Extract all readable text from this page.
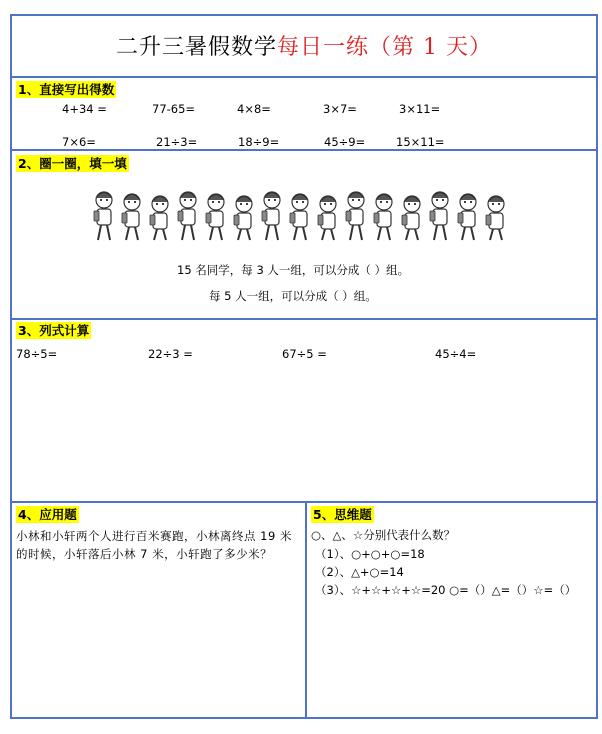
二升三暑假数学每日一练（第 1 天）
1、直接写出得数
4+34 =	77-65=	4×8=	3×7=	3×11=
7×6=	21÷3=	18÷9=	45÷9=	15×11=
2、圈一圈，填一填
15 名同学，每 3 人一组，可以分成（ ）组。
每 5 人一组，可以分成（ ）组。
3、列式计算
78÷5=	22÷3 =	67÷5 =	45÷4=
4、应用题
小林和小轩两个人进行百米赛跑，小林离终点 19 米的时候，小轩落后小林 7 米，小轩跑了多少米？
5、思维题
○、△、☆分别代表什么数？
（1）、○+○+○=18
（2）、△+○=14
（3）、☆+☆+☆+☆=20 ○=（）△=（）☆=（）
